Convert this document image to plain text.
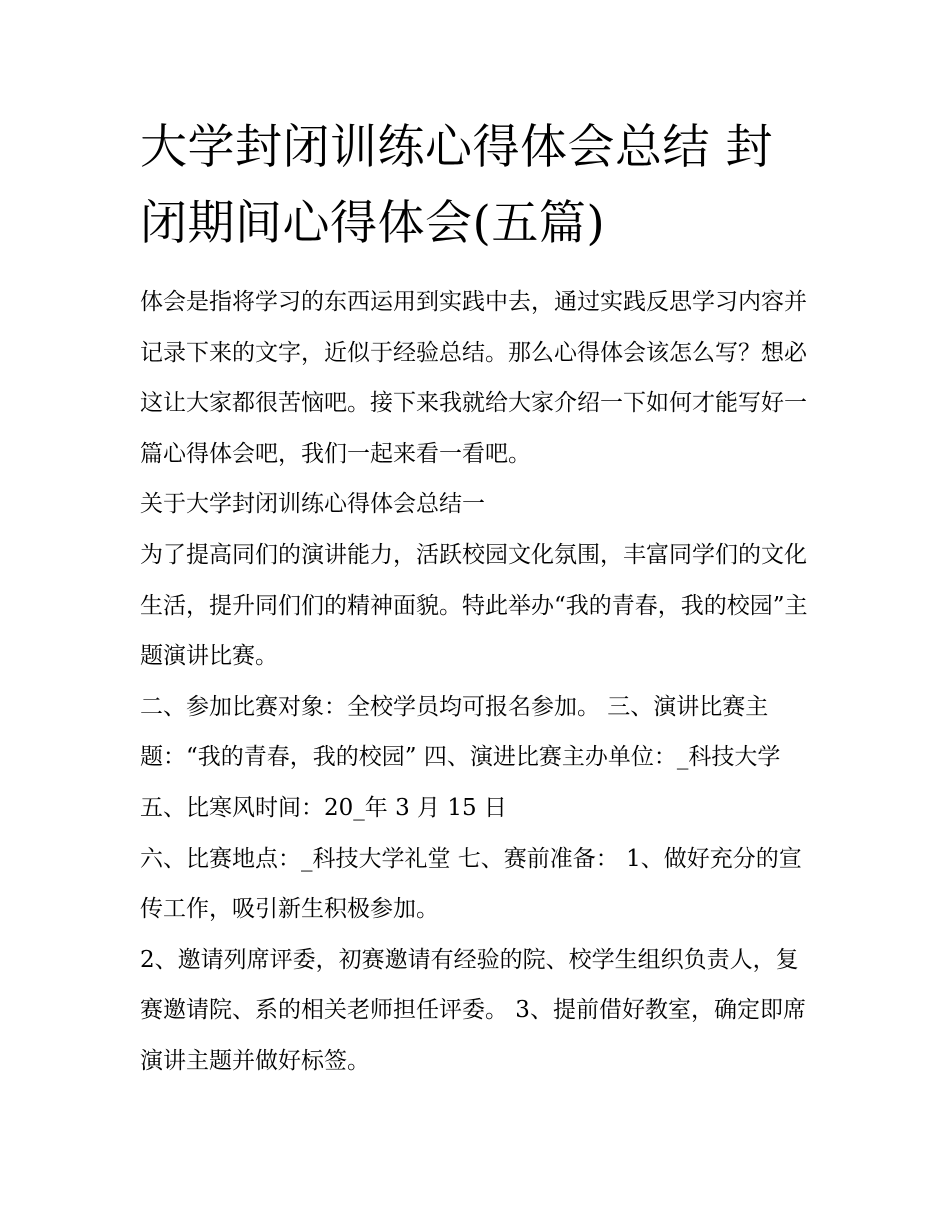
大学封闭训练心得体会总结 封闭期间心得体会(五篇)

体会是指将学习的东西运用到实践中去，通过实践反思学习内容并记录下来的文字，近似于经验总结。那么心得体会该怎么写？想必这让大家都很苦恼吧。接下来我就给大家介绍一下如何才能写好一篇心得体会吧，我们一起来看一看吧。

关于大学封闭训练心得体会总结一

为了提高同们的演讲能力，活跃校园文化氛围，丰富同学们的文化生活，提升同们们的精神面貌。特此举办“我的青春，我的校园”主题演讲比赛。

二、参加比赛对象：全校学员均可报名参加。 三、演讲比赛主题：“我的青春，我的校园” 四、演进比赛主办单位：_科技大学 五、比寒风时间：20_年 3 月 15 日

六、比赛地点：_科技大学礼堂 七、赛前准备： 1、做好充分的宣传工作，吸引新生积极参加。

2、邀请列席评委，初赛邀请有经验的院、校学生组织负责人，复赛邀请院、系的相关老师担任评委。 3、提前借好教室，确定即席演讲主题并做好标签。
